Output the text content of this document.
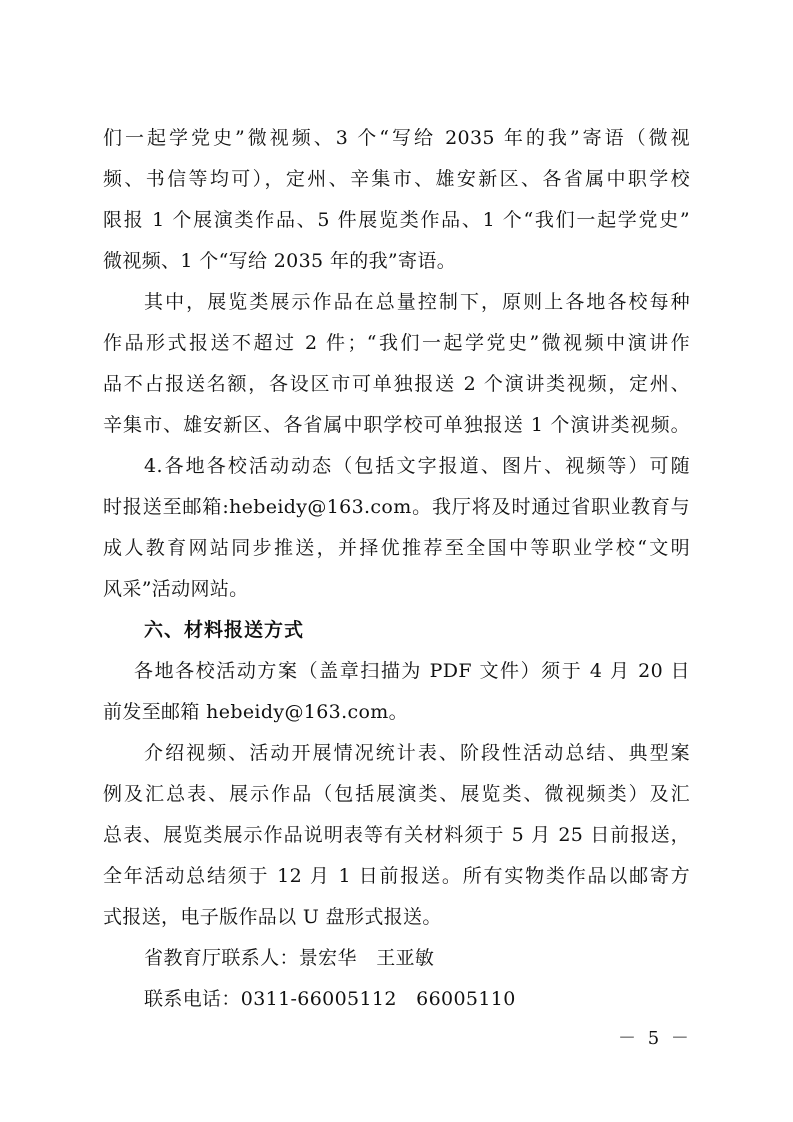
们一起学党史”微视频、3 个“写给 2035 年的我”寄语（微视
频、书信等均可），定州、辛集市、雄安新区、各省属中职学校
限报 1 个展演类作品、5 件展览类作品、1 个“我们一起学党史”
微视频、1 个“写给 2035 年的我”寄语。
其中，展览类展示作品在总量控制下，原则上各地各校每种
作品形式报送不超过 2 件；“我们一起学党史”微视频中演讲作
品不占报送名额，各设区市可单独报送 2 个演讲类视频，定州、
辛集市、雄安新区、各省属中职学校可单独报送 1 个演讲类视频。
4.各地各校活动动态（包括文字报道、图片、视频等）可随
时报送至邮箱:hebeidy@163.com。我厅将及时通过省职业教育与
成人教育网站同步推送，并择优推荐至全国中等职业学校“文明
风采”活动网站。
六、材料报送方式
各地各校活动方案（盖章扫描为 PDF 文件）须于 4 月 20 日
前发至邮箱 hebeidy@163.com。
介绍视频、活动开展情况统计表、阶段性活动总结、典型案
例及汇总表、展示作品（包括展演类、展览类、微视频类）及汇
总表、展览类展示作品说明表等有关材料须于 5 月 25 日前报送，
全年活动总结须于 12 月 1 日前报送。所有实物类作品以邮寄方
式报送，电子版作品以 U 盘形式报送。
省教育厅联系人：景宏华　王亚敏
联系电话：0311-66005112　66005110
－ 5 －
